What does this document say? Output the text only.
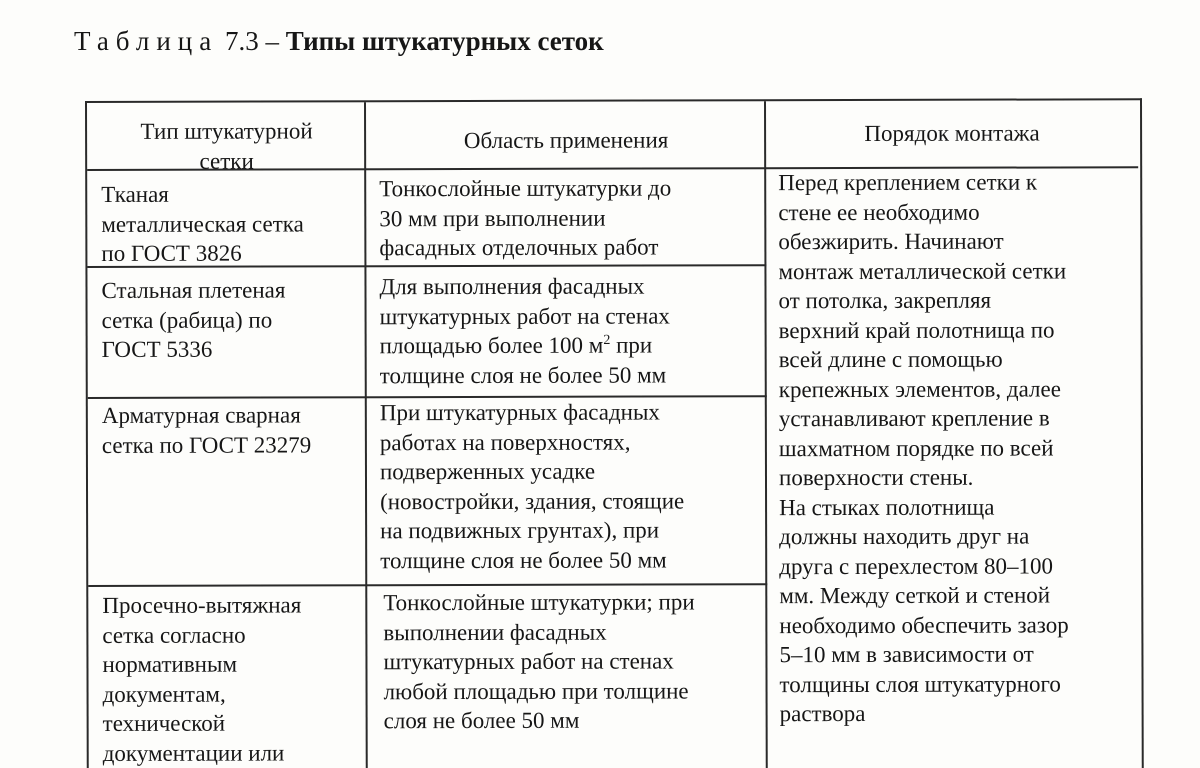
Таблица 7.3 – Типы штукатурных сеток
Тип штукатурной
сетки
Область применения	Порядок монтажа
Тканая
металлическая сетка
по ГОСТ 3826
Тонкослойные штукатурки до
30 мм при выполнении
фасадных отделочных работ
Стальная плетеная
сетка (рабица) по
ГОСТ 5336
Для выполнения фасадных
штукатурных работ на стенах
площадью более 100 $м^2$ при
толщине слоя не более 50 мм
Арматурная сварная
сетка по ГОСТ 23279
При штукатурных фасадных
работах на поверхностях,
подверженных усадке
(новостройки, здания, стоящие
на подвижных грунтах), при
толщине слоя не более 50 мм
Просечно-вытяжная
сетка согласно
нормативным
документам,
технической
документации или
Тонкослойные штукатурки; при
выполнении фасадных
штукатурных работ на стенах
любой площадью при толщине
слоя не более 50 мм
Перед креплением сетки к
стене ее необходимо
обезжирить. Начинают
монтаж металлической сетки
от потолка, закрепляя
верхний край полотнища по
всей длине с помощью
крепежных элементов, далее
устанавливают крепление в
шахматном порядке по всей
поверхности стены.
На стыках полотнища
должны находить друг на
друга с перехлестом 80–100
мм. Между сеткой и стеной
необходимо обеспечить зазор
5–10 мм в зависимости от
толщины слоя штукатурного
раствора
